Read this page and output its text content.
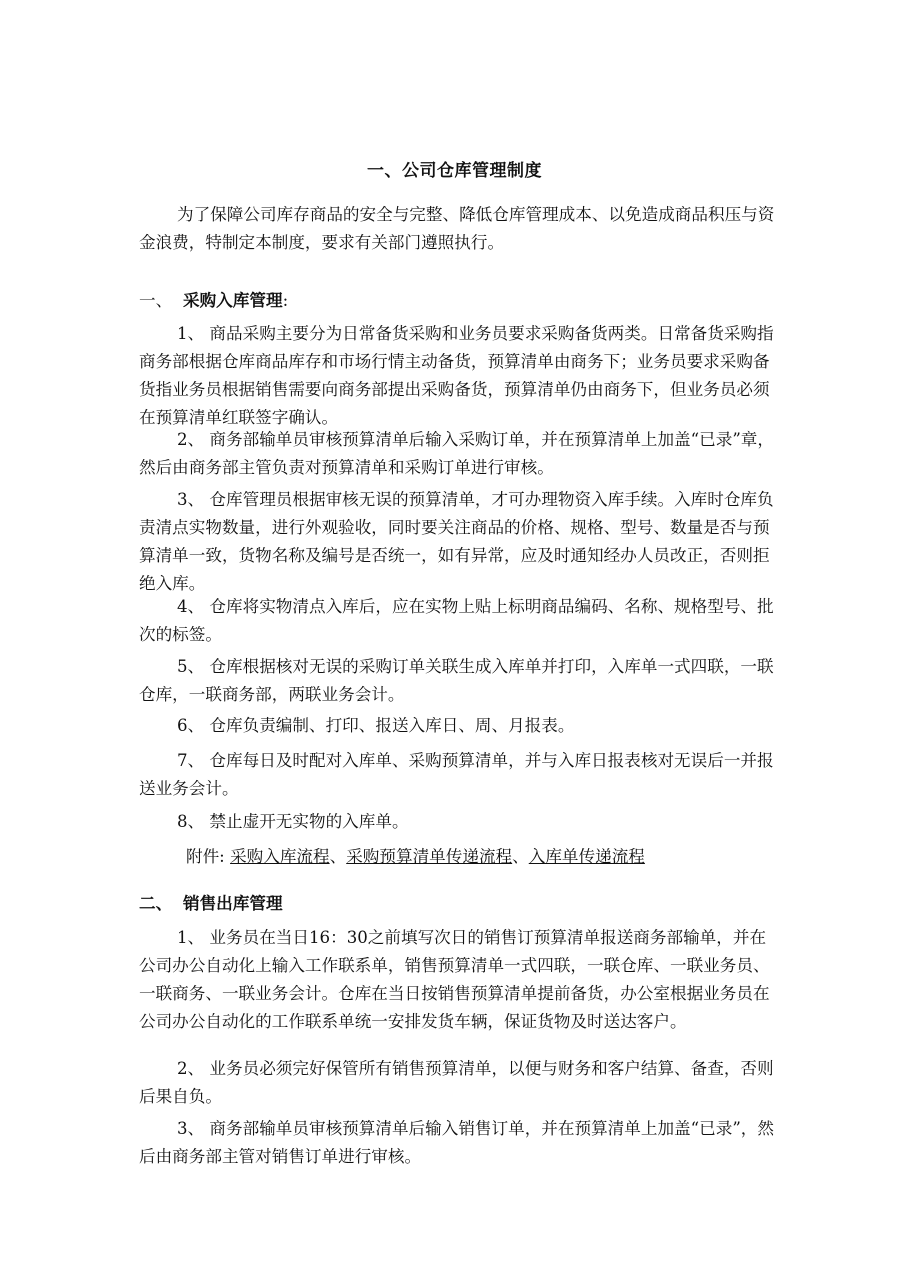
一、公司仓库管理制度

为了保障公司库存商品的安全与完整、降低仓库管理成本、以免造成商品积压与资金浪费，特制定本制度，要求有关部门遵照执行。

一、 采购入库管理:

1、 商品采购主要分为日常备货采购和业务员要求采购备货两类。日常备货采购指商务部根据仓库商品库存和市场行情主动备货，预算清单由商务下；业务员要求采购备货指业务员根据销售需要向商务部提出采购备货，预算清单仍由商务下，但业务员必须在预算清单红联签字确认。

2、 商务部输单员审核预算清单后输入采购订单，并在预算清单上加盖“已录”章，然后由商务部主管负责对预算清单和采购订单进行审核。

3、 仓库管理员根据审核无误的预算清单，才可办理物资入库手续。入库时仓库负责清点实物数量，进行外观验收，同时要关注商品的价格、规格、型号、数量是否与预算清单一致，货物名称及编号是否统一，如有异常，应及时通知经办人员改正，否则拒绝入库。

4、 仓库将实物清点入库后，应在实物上贴上标明商品编码、名称、规格型号、批次的标签。

5、 仓库根据核对无误的采购订单关联生成入库单并打印，入库单一式四联，一联仓库，一联商务部，两联业务会计。

6、 仓库负责编制、打印、报送入库日、周、月报表。

7、 仓库每日及时配对入库单、采购预算清单，并与入库日报表核对无误后一并报送业务会计。

8、 禁止虚开无实物的入库单。

附件: 采购入库流程、采购预算清单传递流程、入库单传递流程
二、 销售出库管理

1、 业务员在当日16：30之前填写次日的销售订预算清单报送商务部输单，并在公司办公自动化上输入工作联系单，销售预算清单一式四联，一联仓库、一联业务员、一联商务、一联业务会计。仓库在当日按销售预算清单提前备货，办公室根据业务员在公司办公自动化的工作联系单统一安排发货车辆，保证货物及时送达客户。

2、 业务员必须完好保管所有销售预算清单，以便与财务和客户结算、备查，否则后果自负。

3、 商务部输单员审核预算清单后输入销售订单，并在预算清单上加盖“已录”，然后由商务部主管对销售订单进行审核。
